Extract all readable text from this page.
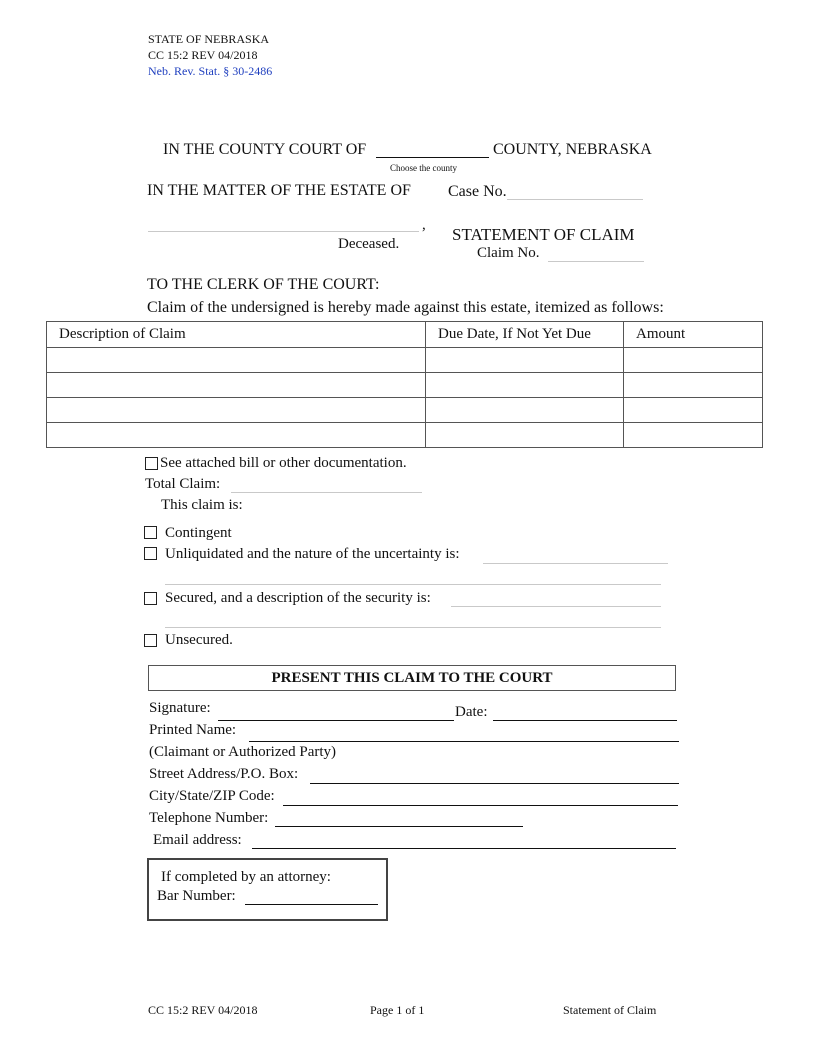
STATE OF NEBRASKA
CC 15:2 REV 04/2018
Neb. Rev. Stat. § 30-2486
IN THE COUNTY COURT OF	COUNTY, NEBRASKA
Choose the county
IN THE MATTER OF THE ESTATE OF Case No.
,
Deceased.	STATEMENT OF CLAIM
Claim No.
TO THE CLERK OF THE COURT:
Claim of the undersigned is hereby made against this estate, itemized as follows:
Description of Claim	Due Date, If Not Yet Due	Amount

See attached bill or other documentation.
Total Claim:
This claim is:
Contingent
Unliquidated and the nature of the uncertainty is:
Secured, and a description of the security is:
Unsecured.
PRESENT THIS CLAIM TO THE COURT
Signature:	Date:
Printed Name:
(Claimant or Authorized Party)
Street Address/P.O. Box:
City/State/ZIP Code:
Telephone Number:
Email address:
If completed by an attorney:
Bar Number:
CC 15:2 REV 04/2018	Page 1 of 1	Statement of Claim
